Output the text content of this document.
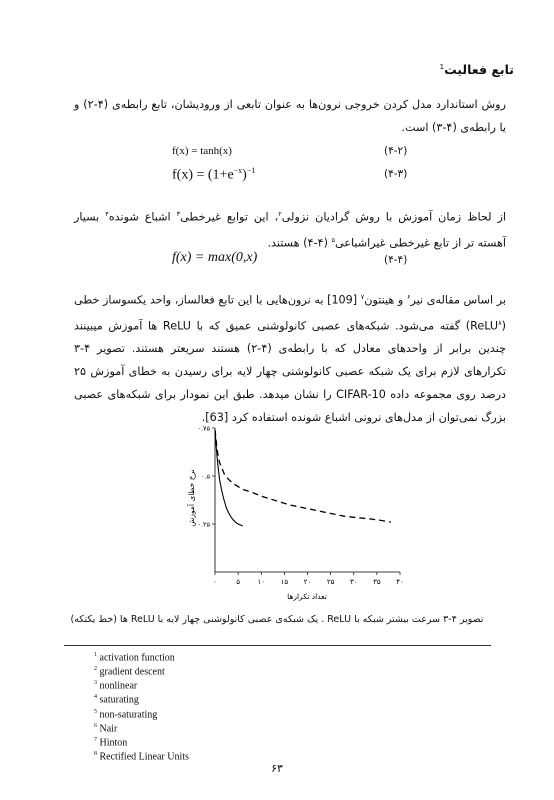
تابع فعالیت$^1$
روش استاندارد مدل کردن خروجی نرون‌ها به عنوان تابعی از ورودیشان، تابع رابطه‌ی (۴-۲) و یا رابطه‌ی (۴-۳) است.
f(x) = tanh(x)	(۴-۲)
$f(x) = (1+e^{-x})^{-1}$	(۴-۳)
از لحاظ زمان آموزش با روش گرادیان نزولی$^۲$، این توابع غیرخطی$^۳$ اشباع شونده$^۴$ بسیار آهسته تر از تابع غیرخطی غیراشباعی$^۵$ (۴-۴) هستند.
f(x) = max(0,x)	(۴-۴)
بر اساس مقاله‌ی نیر$^۶$ و هینتون$^۷$ [109] به نرون‌هایی با این تابع فعالساز، واحد یکسوساز خطی (ReLU$^۸$) گفته می‌شود. شبکه‌های عصبی کانولوشنی عمیق که با ReLU ها آموزش میبینند چندین برابر از واحدهای معادل که با رابطه‌ی (۴-۲) هستند سریعتر هستند. تصویر ۴-۳ تکرارهای لازم برای یک شبکه عصبی کانولوشنی چهار لایه برای رسیدن به خطای آموزش ۲۵ درصد روی مجموعه داده CIFAR-10 را نشان میدهد. طبق این نمودار برای شبکه‌های عصبی بزرگ نمی‌توان از مدل‌های نرونی اشباع شونده استفاده کرد [63].
۰	۵ ۱۰ ۱۵ ۲۰ ۲۵ ۳۰ ۳۵ ۴۰
۰.۲۵
۰.۵
۰.۷۵
تعداد تکرارها
نرخ خطای آموزش
تصویر ۴-۳ سرعت بیشتر شبکه با ReLU . یک شبکه‌ی عصبی کانولوشنی چهار لایه با ReLU ها (خط یکتکه)
$^1$ activation function
$^2$ gradient descent
$^3$ nonlinear
$^4$ saturating
$^5$ non-saturating
$^6$ Nair
$^7$ Hinton
$^8$ Rectified Linear Units
۶۳
